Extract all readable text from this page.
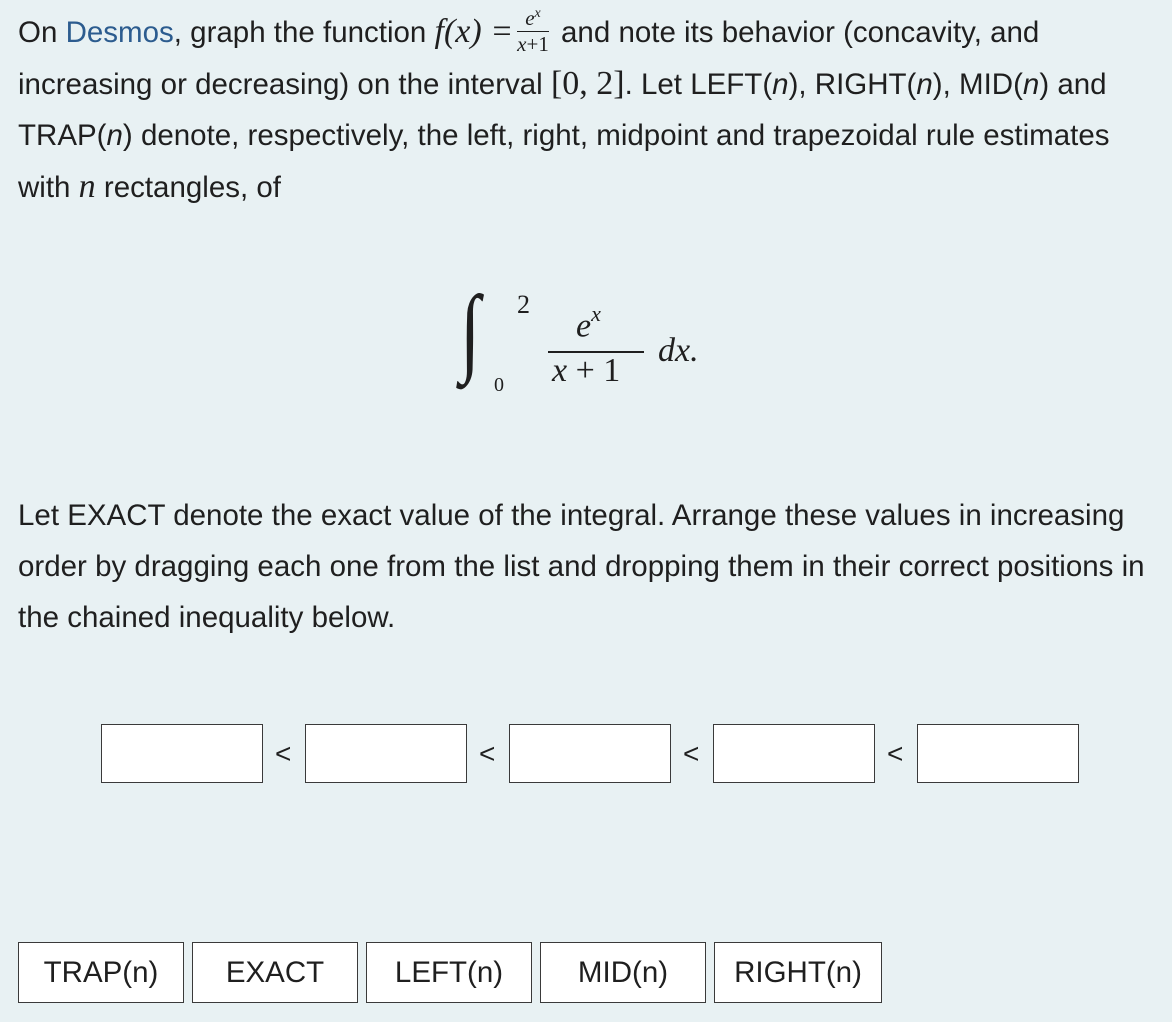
On Desmos, graph the function $f(x) = \frac{e^x}{x+1}$ and note its behavior (concavity, and increasing or decreasing) on the interval [0, 2]. Let LEFT(n), RIGHT(n), MID(n) and TRAP(n) denote, respectively, the left, right, midpoint and trapezoidal rule estimates with n rectangles, of

∫ 2
0
$e^x$
x + 1
dx.

Let EXACT denote the exact value of the integral. Arrange these values in increasing order by dragging each one from the list and dropping them in their correct positions in the chained inequality below.

<	<	<	<
TRAP(n)	EXACT	LEFT(n)	MID(n)	RIGHT(n)
